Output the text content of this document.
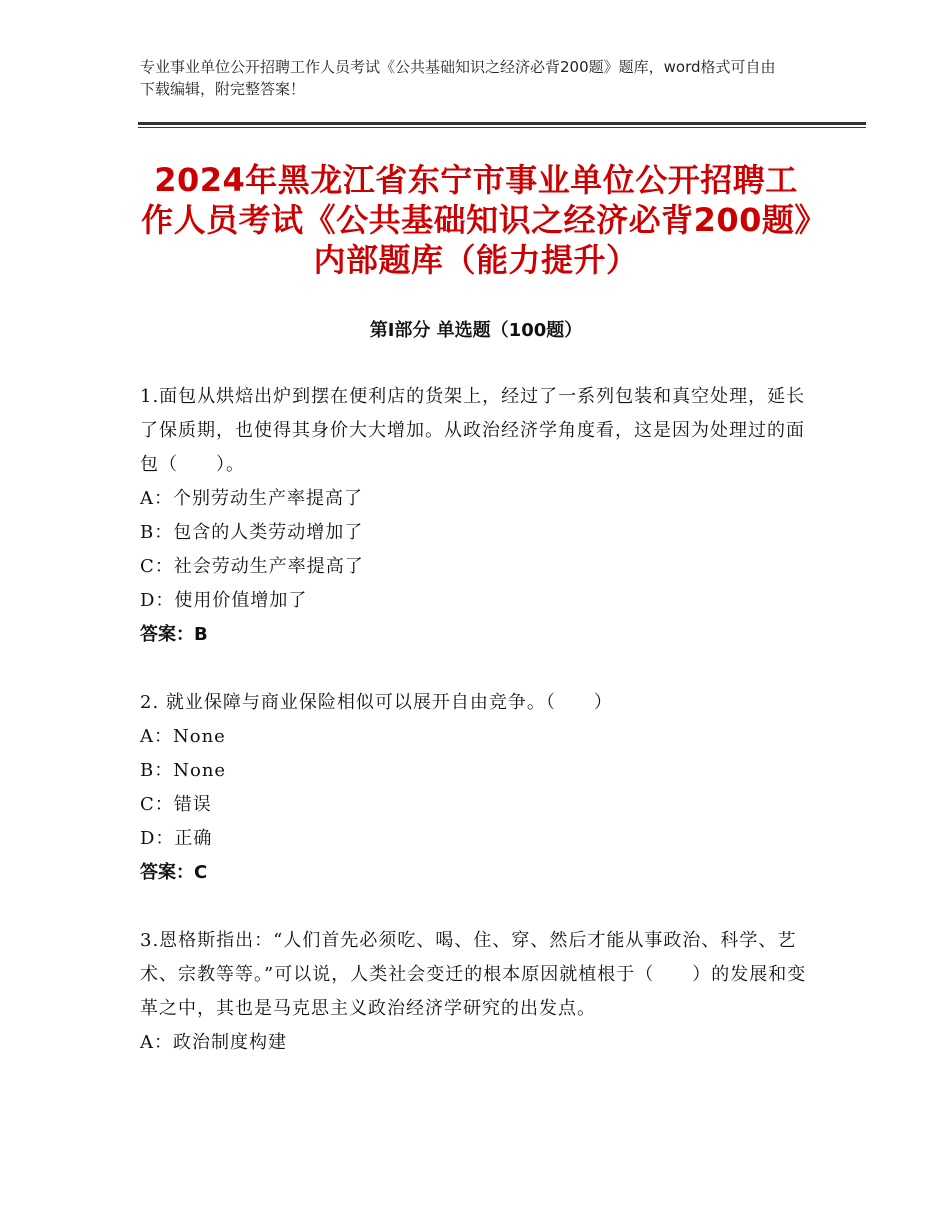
专业事业单位公开招聘工作人员考试《公共基础知识之经济必背200题》题库，word格式可自由下载编辑，附完整答案！
2024年黑龙江省东宁市事业单位公开招聘工作人员考试《公共基础知识之经济必背200题》内部题库（能力提升）
第Ⅰ部分 单选题（100题）

1.面包从烘焙出炉到摆在便利店的货架上，经过了一系列包装和真空处理，延长了保质期，也使得其身价大大增加。从政治经济学角度看，这是因为处理过的面包（　　）。

A：个别劳动生产率提高了

B：包含的人类劳动增加了

C：社会劳动生产率提高了

D：使用价值增加了

答案：B

2. 就业保障与商业保险相似可以展开自由竞争。（　　）

A：None

B：None

C：错误

D：正确

答案：C

3.恩格斯指出：“人们首先必须吃、喝、住、穿、然后才能从事政治、科学、艺术、宗教等等。”可以说，人类社会变迁的根本原因就植根于（　　）的发展和变革之中，其也是马克思主义政治经济学研究的出发点。

A：政治制度构建
